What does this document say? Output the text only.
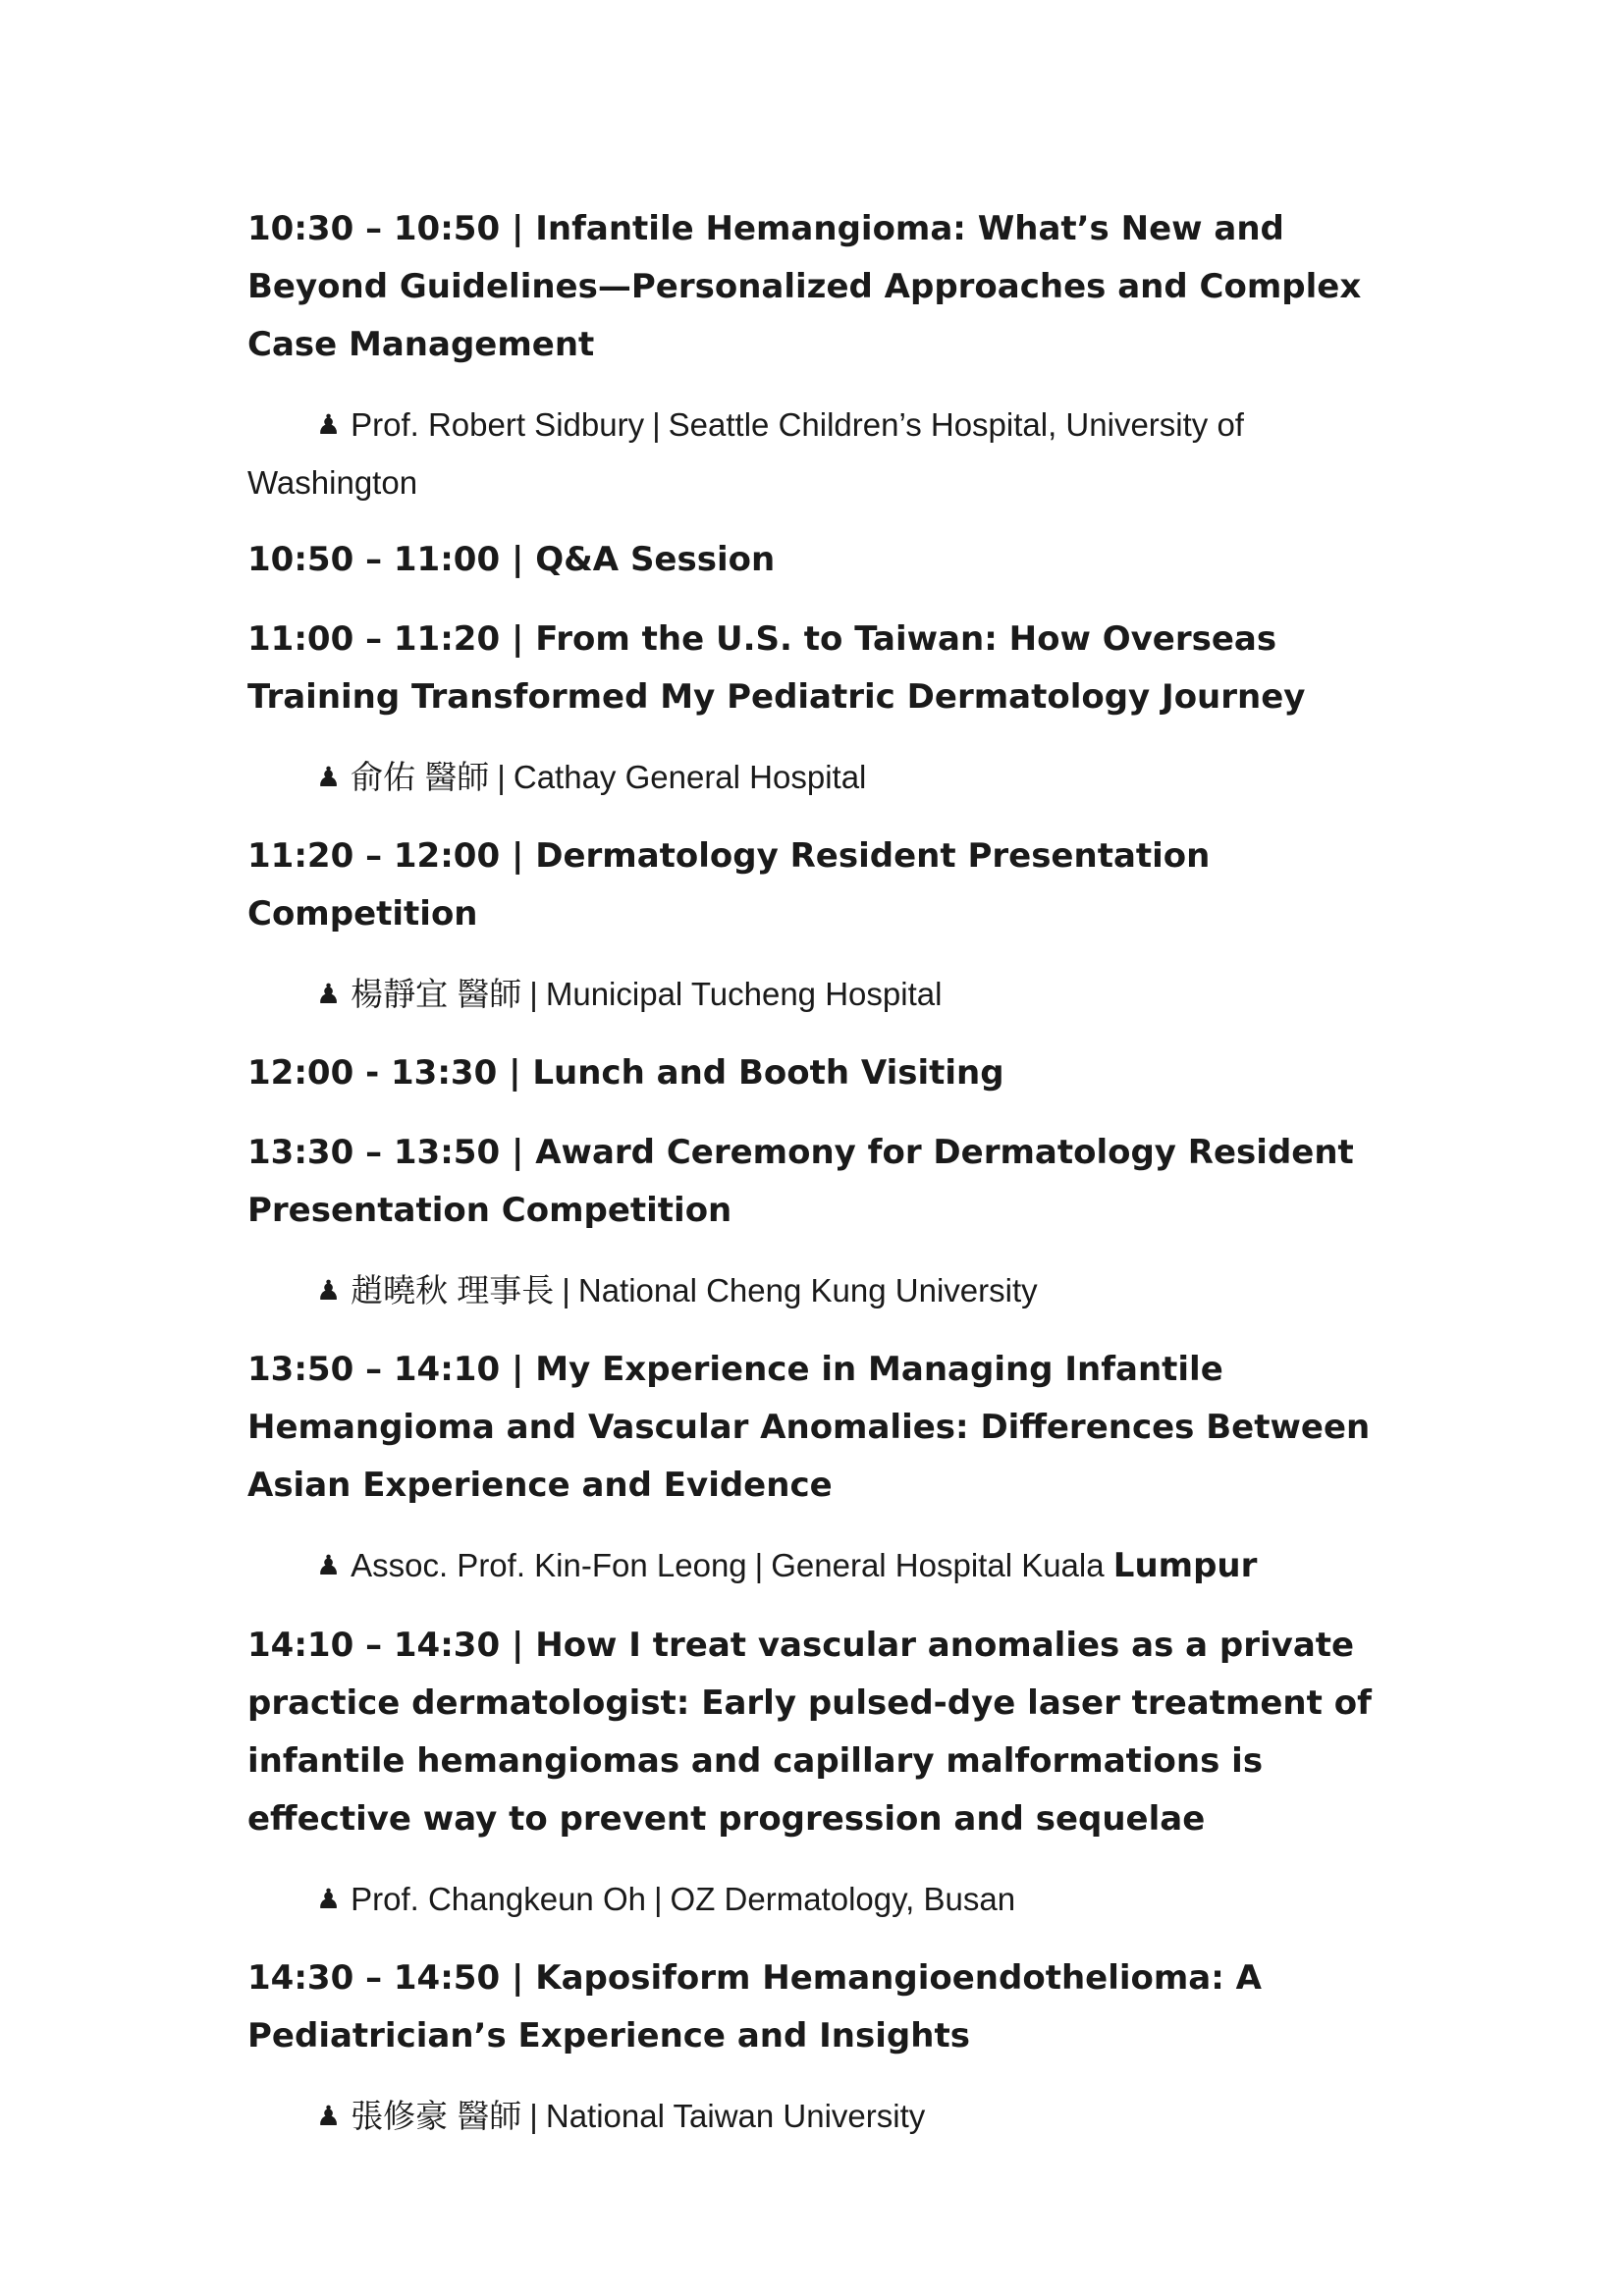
10:30 – 10:50 | Infantile Hemangioma: What’s New and Beyond Guidelines—Personalized Approaches and Complex Case Management

♟ Prof. Robert Sidbury | Seattle Children’s Hospital, University of Washington

10:50 – 11:00 | Q&A Session

11:00 – 11:20 | From the U.S. to Taiwan: How Overseas Training Transformed My Pediatric Dermatology Journey

♟ 俞佑 醫師 | Cathay General Hospital

11:20 – 12:00 | Dermatology Resident Presentation Competition

♟ 楊靜宜 醫師 | Municipal Tucheng Hospital

12:00 - 13:30 | Lunch and Booth Visiting

13:30 – 13:50 | Award Ceremony for Dermatology Resident Presentation Competition

♟ 趙曉秋 理事長 | National Cheng Kung University

13:50 – 14:10 | My Experience in Managing Infantile Hemangioma and Vascular Anomalies: Differences Between Asian Experience and Evidence

♟ Assoc. Prof. Kin-Fon Leong | General Hospital Kuala Lumpur

14:10 – 14:30 | How I treat vascular anomalies as a private practice dermatologist: Early pulsed-dye laser treatment of infantile hemangiomas and capillary malformations is effective way to prevent progression and sequelae

♟ Prof. Changkeun Oh | OZ Dermatology, Busan

14:30 – 14:50 | Kaposiform Hemangioendothelioma: A Pediatrician’s Experience and Insights

♟ 張修豪 醫師 | National Taiwan University
